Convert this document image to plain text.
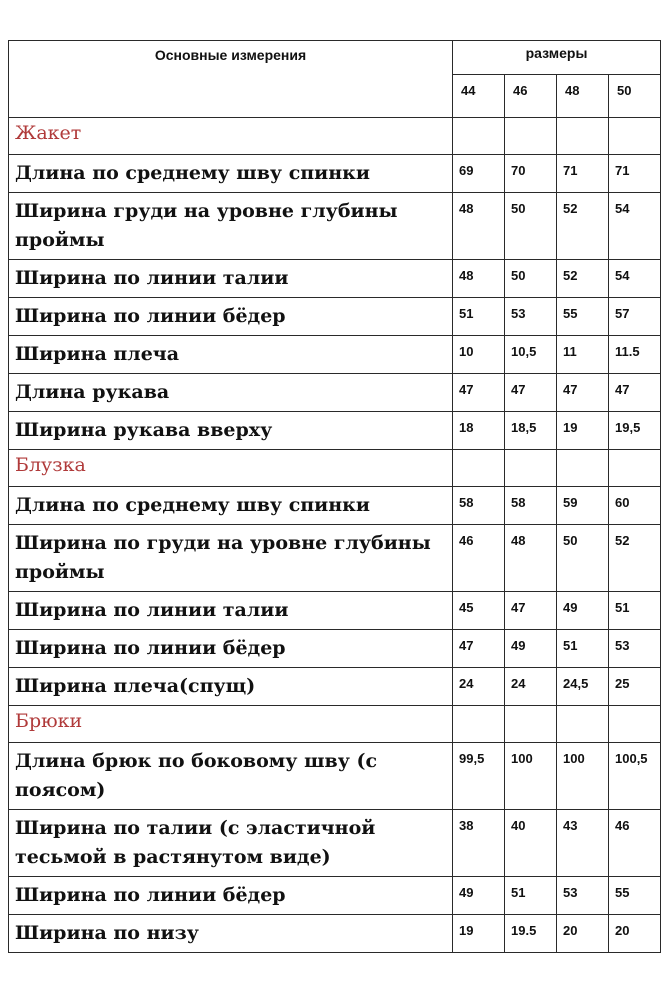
Основные измерения	размеры			
	44	46	48	50
Жакет				
Длина по среднему шву спинки	69	70	71	71
Ширина груди на уровне глубины проймы	48	50	52	54
Ширина по линии талии	48	50	52	54
Ширина по линии бёдер	51	53	55	57
Ширина плеча	10	10,5	11	11.5
Длина рукава	47	47	47	47
Ширина рукава вверху	18	18,5	19	19,5
Блузка				
Длина по среднему шву спинки	58	58	59	60
Ширина по груди на уровне глубины проймы	46	48	50	52
Ширина по линии талии	45	47	49	51
Ширина по линии бёдер	47	49	51	53
Ширина плеча(спущ)	24	24	24,5	25
Брюки				
Длина брюк по боковому шву (с поясом)	99,5	100	100	100,5
Ширина по талии (с эластичной тесьмой в растянутом виде)	38	40	43	46
Ширина по линии бёдер	49	51	53	55
Ширина по низу	19	19.5	20	20
